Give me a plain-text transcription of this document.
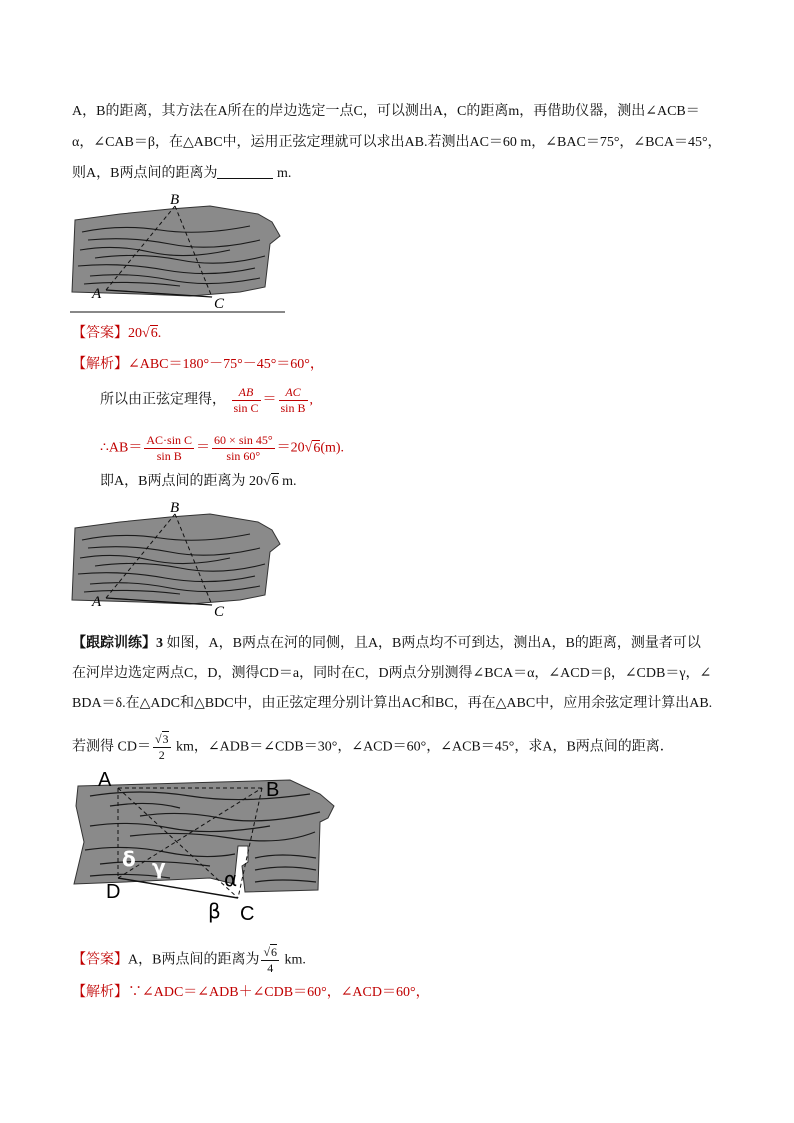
A，B的距离，其方法在A所在的岸边选定一点C，可以测出A，C的距离m，再借助仪器，测出∠ACB＝
α，∠CAB＝β，在△ABC中，运用正弦定理就可以求出AB.若测出AC＝60 m，∠BAC＝75°，∠BCA＝45°，
则A，B两点间的距离为	m.
B
A
C
【答案】20√6.
【解析】∠ABC＝180°－75°－45°＝60°，
所以由正弦定理得， $\frac{AB}{\text{sin C}} = \frac{AC}{\text{sin B}}$ ,
∴AB＝ $\frac{\text{AC·sin C}}{\text{sin B}} = \frac{60 \times \sin 45^\circ}{\sin 60^\circ} =20√6(m)$.
即A，B两点间的距离为 20√6 m.
B
A
C
【跟踪训练】3 如图，A，B两点在河的同侧，且A，B两点均不可到达，测出A，B的距离，测量者可以
在河岸边选定两点C，D，测得CD＝a，同时在C，D两点分别测得∠BCA＝α，∠ACD＝β，∠CDB＝γ，∠
BDA＝δ.在△ADC和△BDC中，由正弦定理分别计算出AC和BC，再在△ABC中，应用余弦定理计算出AB.
若测得 $CD= \frac{√3}{2}$ km，∠ADB＝∠CDB＝30°，∠ACD＝60°，∠ACB＝45°，求A，B两点间的距离．
A	B
D
C
δ γ	α
β
【答案】A，B两点间的距离为 $\frac{√6}{4}$ km.
【解析】∵∠ADC＝∠ADB＋∠CDB＝60°，∠ACD＝60°，
